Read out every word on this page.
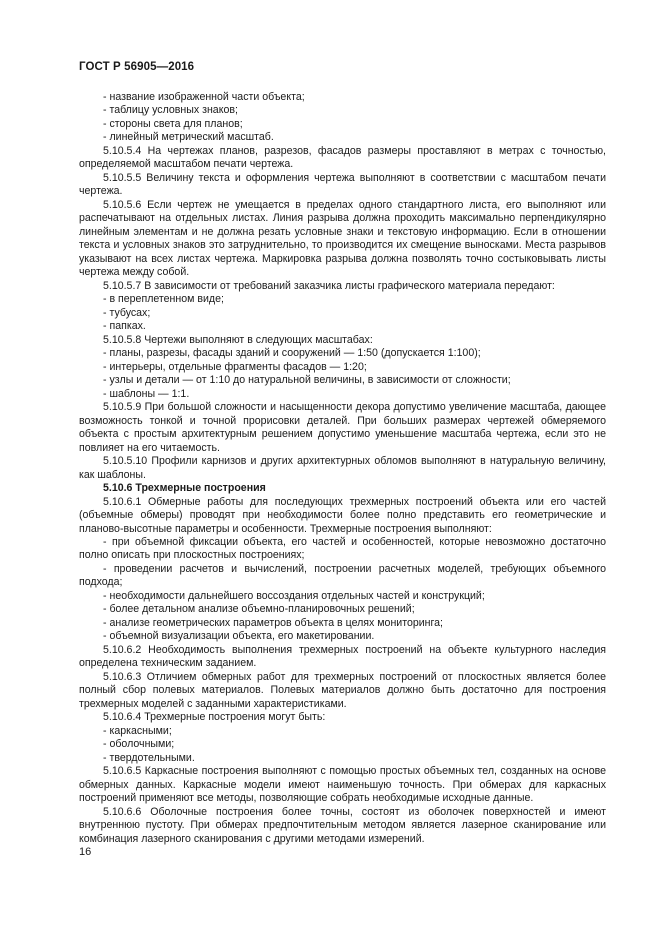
ГОСТ Р 56905—2016

- название изображенной части объекта;

- таблицу условных знаков;

- стороны света для планов;

- линейный метрический масштаб.

5.10.5.4 На чертежах планов, разрезов, фасадов размеры проставляют в метрах с точностью, определяемой масштабом печати чертежа.

5.10.5.5 Величину текста и оформления чертежа выполняют в соответствии с масштабом печати чертежа.

5.10.5.6 Если чертеж не умещается в пределах одного стандартного листа, его выполняют или распечатывают на отдельных листах. Линия разрыва должна проходить максимально перпендикулярно линейным элементам и не должна резать условные знаки и текстовую информацию. Если в отношении текста и условных знаков это затруднительно, то производится их смещение выносками. Места разрывов указывают на всех листах чертежа. Маркировка разрыва должна позволять точно состыковывать листы чертежа между собой.

5.10.5.7 В зависимости от требований заказчика листы графического материала передают:

- в переплетенном виде;

- тубусах;

- папках.

5.10.5.8 Чертежи выполняют в следующих масштабах:

- планы, разрезы, фасады зданий и сооружений — 1:50 (допускается 1:100);

- интерьеры, отдельные фрагменты фасадов — 1:20;

- узлы и детали — от 1:10 до натуральной величины, в зависимости от сложности;

- шаблоны — 1:1.

5.10.5.9 При большой сложности и насыщенности декора допустимо увеличение масштаба, дающее возможность тонкой и точной прорисовки деталей. При больших размерах чертежей обмеряемого объекта с простым архитектурным решением допустимо уменьшение масштаба чертежа, если это не повлияет на его читаемость.

5.10.5.10 Профили карнизов и других архитектурных обломов выполняют в натуральную величину, как шаблоны.

5.10.6 Трехмерные построения

5.10.6.1 Обмерные работы для последующих трехмерных построений объекта или его частей (объемные обмеры) проводят при необходимости более полно представить его геометрические и планово-высотные параметры и особенности. Трехмерные построения выполняют:

- при объемной фиксации объекта, его частей и особенностей, которые невозможно достаточно полно описать при плоскостных построениях;

- проведении расчетов и вычислений, построении расчетных моделей, требующих объемного подхода;

- необходимости дальнейшего воссоздания отдельных частей и конструкций;

- более детальном анализе объемно-планировочных решений;

- анализе геометрических параметров объекта в целях мониторинга;

- объемной визуализации объекта, его макетировании.

5.10.6.2 Необходимость выполнения трехмерных построений на объекте культурного наследия определена техническим заданием.

5.10.6.3 Отличием обмерных работ для трехмерных построений от плоскостных является более полный сбор полевых материалов. Полевых материалов должно быть достаточно для построения трехмерных моделей с заданными характеристиками.

5.10.6.4 Трехмерные построения могут быть:

- каркасными;

- оболочными;

- твердотельными.

5.10.6.5 Каркасные построения выполняют с помощью простых объемных тел, созданных на основе обмерных данных. Каркасные модели имеют наименьшую точность. При обмерах для каркасных построений применяют все методы, позволяющие собрать необходимые исходные данные.

5.10.6.6 Оболочные построения более точны, состоят из оболочек поверхностей и имеют внутреннюю пустоту. При обмерах предпочтительным методом является лазерное сканирование или комбинация лазерного сканирования с другими методами измерений.

16
